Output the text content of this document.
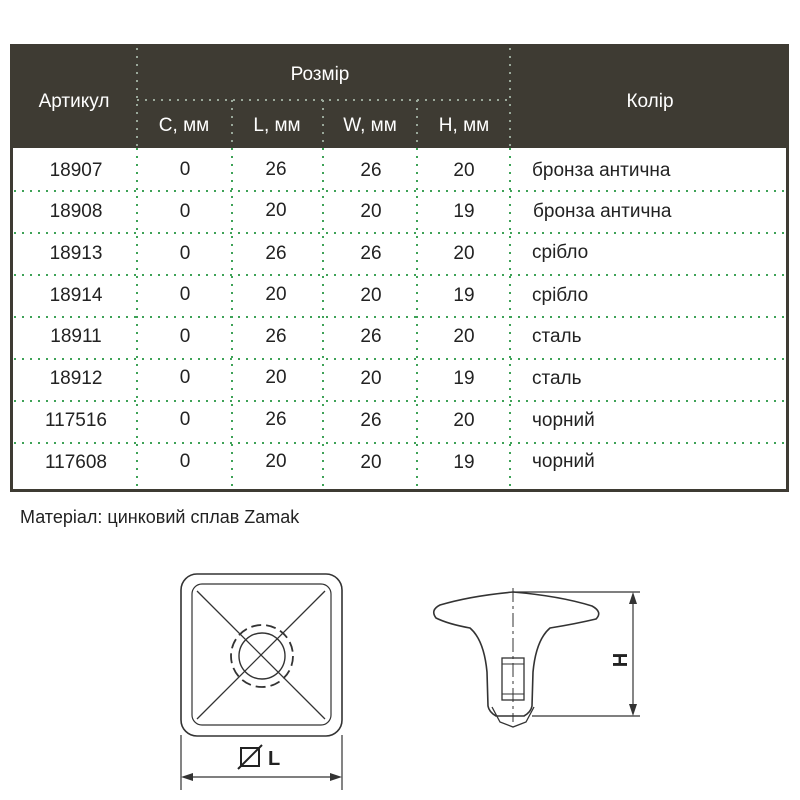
Артикул
Розмір
Колір
C, мм L, мм W, мм H, мм
18907	0	26	26	20	бронза антична
18908	0	20	20	19	бронза антична
18913	0	26	26	20	срібло
18914	0	20	20	19	срібло
18911	0	26	26	20	сталь
18912	0	20	20	19	сталь
117516	0	26	26	20	чорний
117608	0	20	20	19	чорний
Матеріал: цинковий сплав Zamak
L
H
